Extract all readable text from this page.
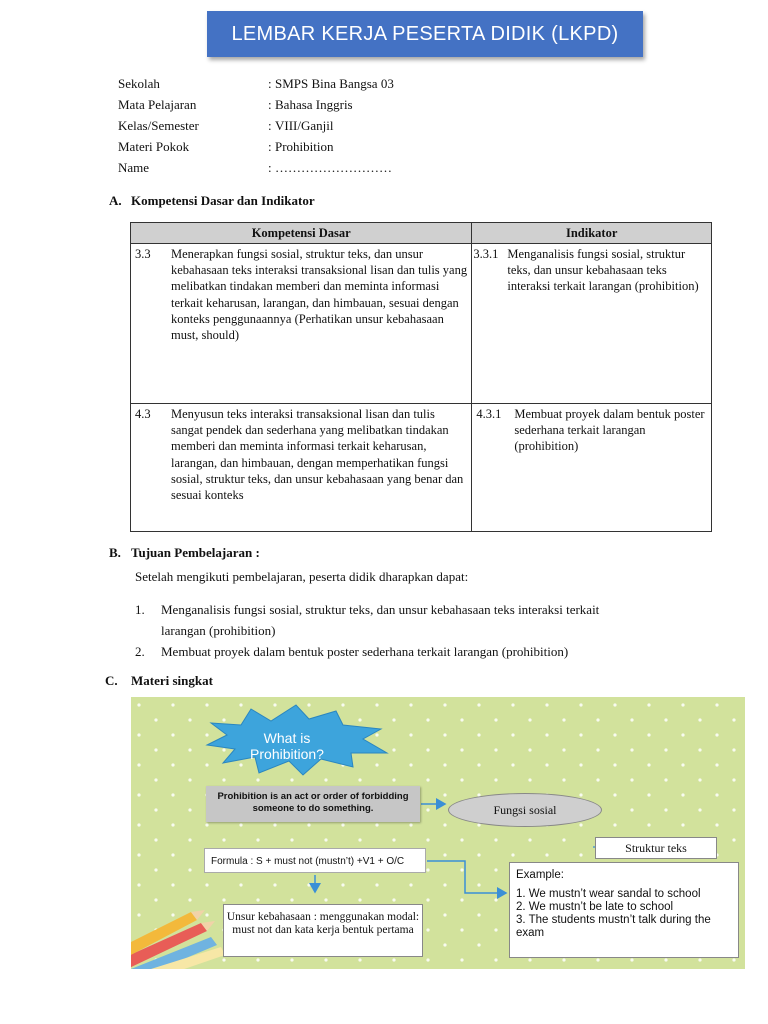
LEMBAR KERJA PESERTA DIDIK (LKPD)
Sekolah	: SMPS Bina Bangsa 03
Mata Pelajaran	: Bahasa Inggris
Kelas/Semester	: VIII/Ganjil
Materi Pokok	: Prohibition
Name	: ………………………
A. Kompetensi Dasar dan Indikator
Kompetensi Dasar	Indikator

3.3 Menerapkan fungsi sosial, struktur teks, dan unsur kebahasaan teks interaksi transaksional lisan dan tulis yang melibatkan tindakan memberi dan meminta informasi terkait keharusan, larangan, dan himbauan, sesuai dengan konteks penggunaannya (Perhatikan unsur kebahasaan must, should)	3.3.1 Menganalisis fungsi sosial, struktur teks, dan unsur kebahasaan teks interaksi terkait larangan (prohibition)

4.3 Menyusun teks interaksi transaksional lisan dan tulis sangat pendek dan sederhana yang melibatkan tindakan memberi dan meminta informasi terkait keharusan, larangan, dan himbauan, dengan memperhatikan fungsi sosial, struktur teks, dan unsur kebahasaan yang benar dan sesuai konteks	4.3.1 Membuat proyek dalam bentuk poster sederhana terkait larangan (prohibition)
B. Tujuan Pembelajaran :
Setelah mengikuti pembelajaran, peserta didik dharapkan dapat:
1. Menganalisis fungsi sosial, struktur teks, dan unsur kebahasaan teks interaksi terkait
larangan (prohibition)
2. Membuat proyek dalam bentuk poster sederhana terkait larangan (prohibition)
C. Materi singkat
What is Prohibition?
Prohibition is an act or order of forbidding someone to do something.	Fungsi sosial
Formula : S + must not (mustn’t) +V1 + O/C
Struktur teks
Example:
1. We mustn’t wear sandal to school
2. We mustn’t be late to school
3. The students mustn’t talk during the exam
Unsur kebahasaan : menggunakan modal: must not dan kata kerja bentuk pertama
